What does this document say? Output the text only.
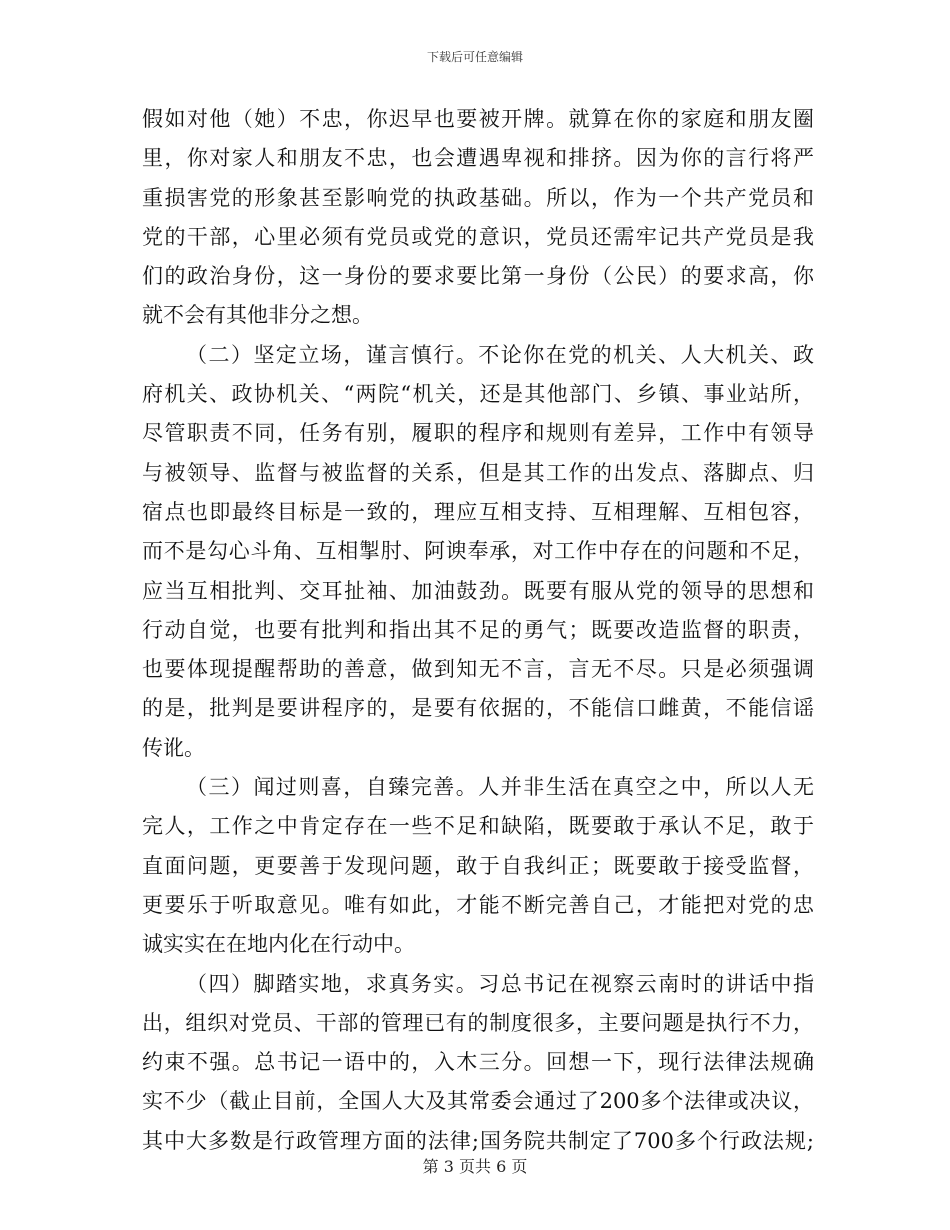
下载后可任意编辑
假如对他（她）不忠，你迟早也要被开牌。就算在你的家庭和朋友圈
里，你对家人和朋友不忠，也会遭遇卑视和排挤。因为你的言行将严
重损害党的形象甚至影响党的执政基础。所以，作为一个共产党员和
党的干部，心里必须有党员或党的意识，党员还需牢记共产党员是我
们的政治身份，这一身份的要求要比第一身份（公民）的要求高，你
就不会有其他非分之想。
（二）坚定立场，谨言慎行。不论你在党的机关、人大机关、政
府机关、政协机关、“两院“机关，还是其他部门、乡镇、事业站所，
尽管职责不同，任务有别，履职的程序和规则有差异，工作中有领导
与被领导、监督与被监督的关系，但是其工作的出发点、落脚点、归
宿点也即最终目标是一致的，理应互相支持、互相理解、互相包容，
而不是勾心斗角、互相掣肘、阿谀奉承，对工作中存在的问题和不足，
应当互相批判、交耳扯袖、加油鼓劲。既要有服从党的领导的思想和
行动自觉，也要有批判和指出其不足的勇气；既要改造监督的职责，
也要体现提醒帮助的善意，做到知无不言，言无不尽。只是必须强调
的是，批判是要讲程序的，是要有依据的，不能信口雌黄，不能信谣
传讹。
（三）闻过则喜，自臻完善。人并非生活在真空之中，所以人无
完人，工作之中肯定存在一些不足和缺陷，既要敢于承认不足，敢于
直面问题，更要善于发现问题，敢于自我纠正；既要敢于接受监督，
更要乐于听取意见。唯有如此，才能不断完善自己，才能把对党的忠
诚实实在在地内化在行动中。
（四）脚踏实地，求真务实。习总书记在视察云南时的讲话中指
出，组织对党员、干部的管理已有的制度很多，主要问题是执行不力，
约束不强。总书记一语中的，入木三分。回想一下，现行法律法规确
实不少（截止目前，全国人大及其常委会通过了200多个法律或决议，
其中大多数是行政管理方面的法律;国务院共制定了700多个行政法规;
第 3 页共 6 页
